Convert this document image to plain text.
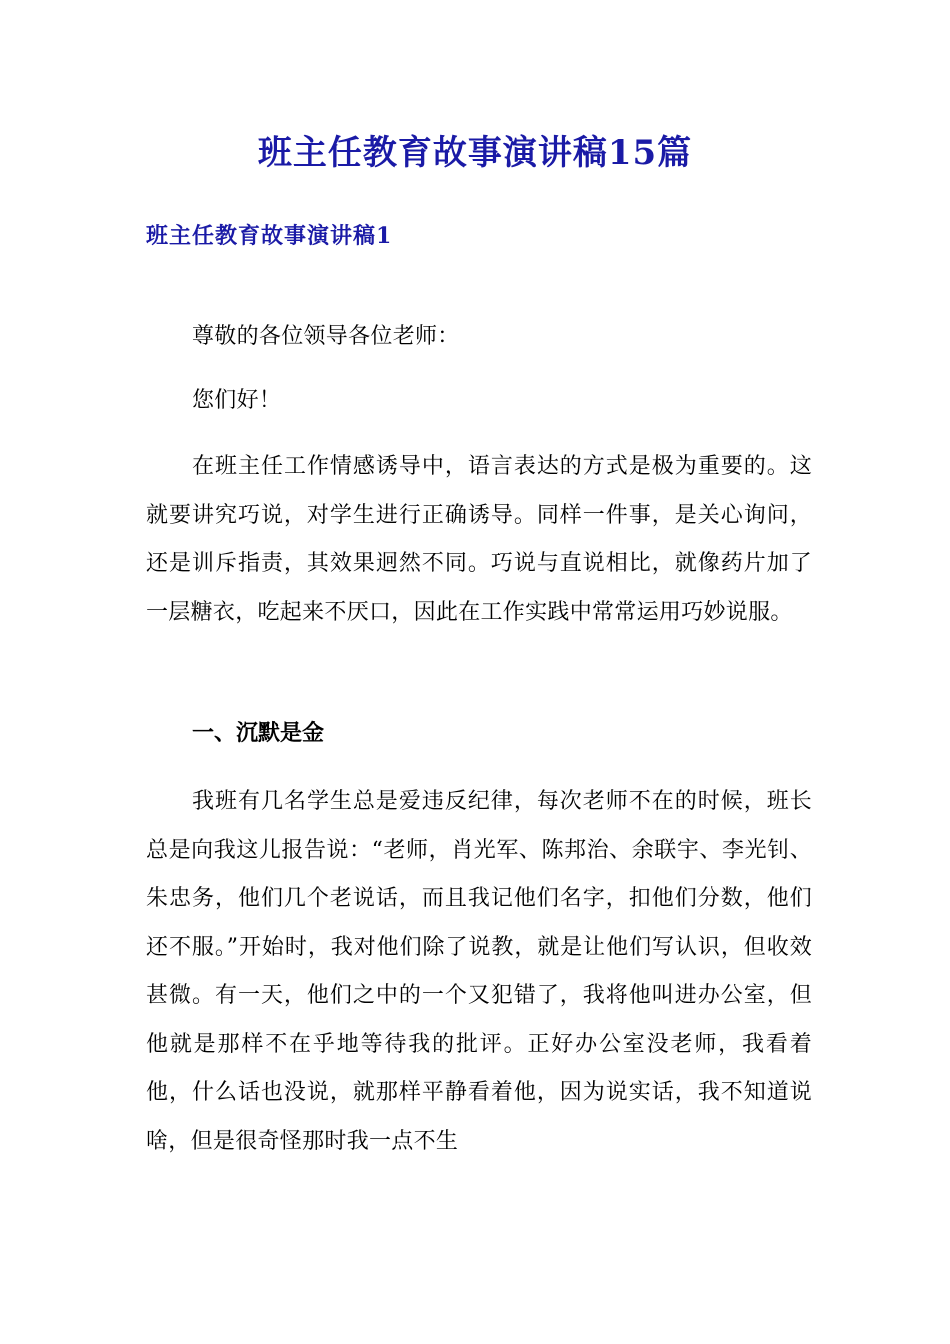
班主任教育故事演讲稿15篇
班主任教育故事演讲稿1
尊敬的各位领导各位老师：
您们好！
在班主任工作情感诱导中，语言表达的方式是极为重要的。这就要讲究巧说，对学生进行正确诱导。同样一件事，是关心询问，还是训斥指责，其效果迥然不同。巧说与直说相比，就像药片加了一层糖衣，吃起来不厌口，因此在工作实践中常常运用巧妙说服。
一、沉默是金
我班有几名学生总是爱违反纪律，每次老师不在的时候，班长总是向我这儿报告说：“老师，肖光军、陈邦治、余联宇、李光钊、朱忠务，他们几个老说话，而且我记他们名字，扣他们分数，他们还不服。”开始时，我对他们除了说教，就是让他们写认识，但收效甚微。有一天，他们之中的一个又犯错了，我将他叫进办公室，但他就是那样不在乎地等待我的批评。正好办公室没老师，我看着他，什么话也没说，就那样平静看着他，因为说实话，我不知道说啥，但是很奇怪那时我一点不生
